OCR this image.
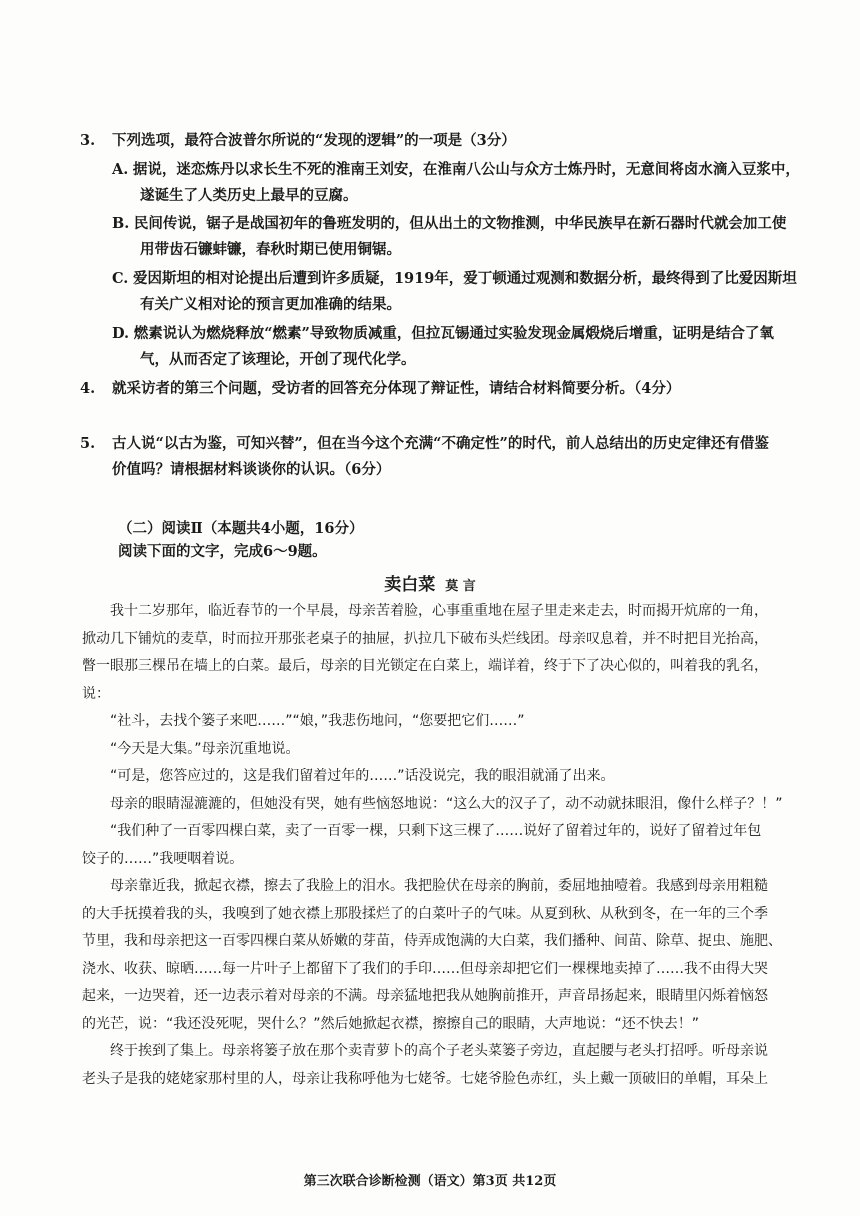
3. 下列选项，最符合波普尔所说的“发现的逻辑”的一项是（3分）
A. 据说，迷恋炼丹以求长生不死的淮南王刘安，在淮南八公山与众方士炼丹时，无意间将卤水滴入豆浆中，
遂诞生了人类历史上最早的豆腐。
B. 民间传说，锯子是战国初年的鲁班发明的，但从出土的文物推测，中华民族早在新石器时代就会加工使
用带齿石镰蚌镰，春秋时期已使用铜锯。
C. 爱因斯坦的相对论提出后遭到许多质疑，1919年，爱丁顿通过观测和数据分析，最终得到了比爱因斯坦
有关广义相对论的预言更加准确的结果。
D. 燃素说认为燃烧释放“燃素”导致物质减重，但拉瓦锡通过实验发现金属煅烧后增重，证明是结合了氧
气，从而否定了该理论，开创了现代化学。
4. 就采访者的第三个问题，受访者的回答充分体现了辩证性，请结合材料简要分析。（4分）
5. 古人说“以古为鉴，可知兴替”，但在当今这个充满“不确定性”的时代，前人总结出的历史定律还有借鉴
价值吗？请根据材料谈谈你的认识。（6分）
（二）阅读Ⅱ（本题共4小题，16分）
阅读下面的文字，完成6～9题。
卖白菜 莫 言
我十二岁那年，临近春节的一个早晨，母亲苦着脸，心事重重地在屋子里走来走去，时而揭开炕席的一角，
掀动几下铺炕的麦草，时而拉开那张老桌子的抽屉，扒拉几下破布头烂线团。母亲叹息着，并不时把目光抬高，
瞥一眼那三棵吊在墙上的白菜。最后，母亲的目光锁定在白菜上，端详着，终于下了决心似的，叫着我的乳名，
说：
“社斗，去找个篓子来吧……”“娘，”我悲伤地问，“您要把它们……”
“今天是大集。”母亲沉重地说。
“可是，您答应过的，这是我们留着过年的……”话没说完，我的眼泪就涌了出来。
母亲的眼睛湿漉漉的，但她没有哭，她有些恼怒地说：“这么大的汉子了，动不动就抹眼泪，像什么样子？！”
“我们种了一百零四棵白菜，卖了一百零一棵，只剩下这三棵了……说好了留着过年的，说好了留着过年包
饺子的……”我哽咽着说。
母亲靠近我，掀起衣襟，擦去了我脸上的泪水。我把脸伏在母亲的胸前，委屈地抽噎着。我感到母亲用粗糙
的大手抚摸着我的头，我嗅到了她衣襟上那股揉烂了的白菜叶子的气味。从夏到秋、从秋到冬，在一年的三个季
节里，我和母亲把这一百零四棵白菜从娇嫩的芽苗，侍弄成饱满的大白菜，我们播种、间苗、除草、捉虫、施肥、
浇水、收获、晾晒……每一片叶子上都留下了我们的手印……但母亲却把它们一棵棵地卖掉了……我不由得大哭
起来，一边哭着，还一边表示着对母亲的不满。母亲猛地把我从她胸前推开，声音昂扬起来，眼睛里闪烁着恼怒
的光芒，说：“我还没死呢，哭什么？”然后她掀起衣襟，擦擦自己的眼睛，大声地说：“还不快去！”
终于挨到了集上。母亲将篓子放在那个卖青萝卜的高个子老头菜篓子旁边，直起腰与老头打招呼。听母亲说
老头子是我的姥姥家那村里的人，母亲让我称呼他为七姥爷。七姥爷脸色赤红，头上戴一顶破旧的单帽，耳朵上
第三次联合诊断检测（语文）第3页 共12页
